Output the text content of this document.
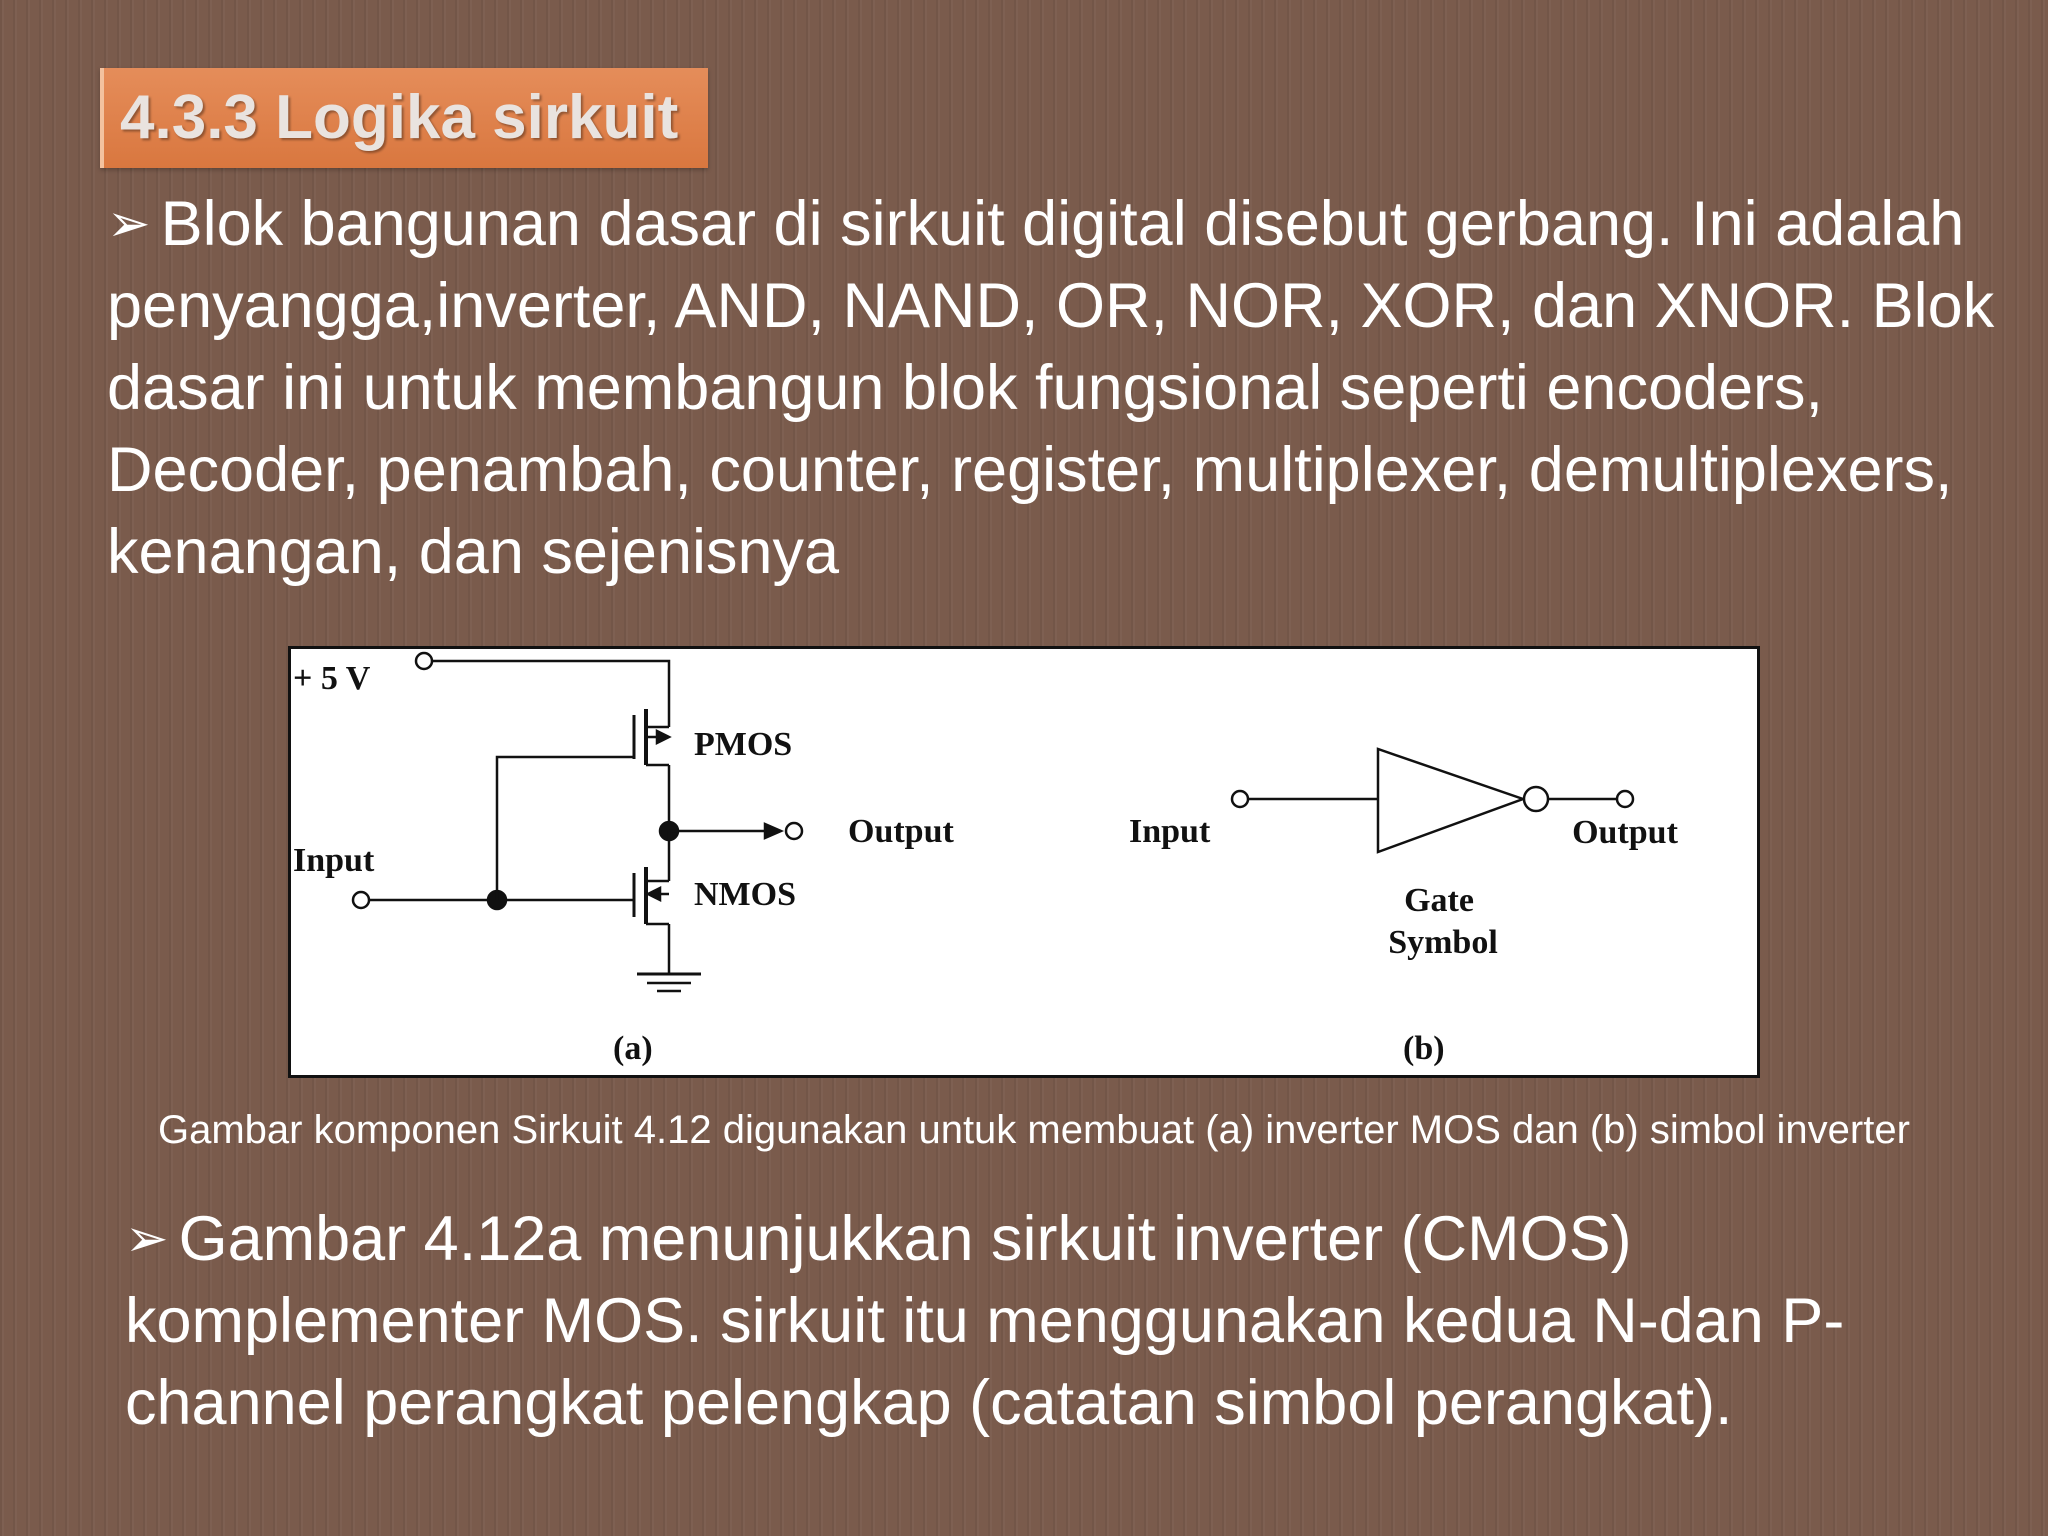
4.3.3 Logika sirkuit
➢ Blok bangunan dasar di sirkuit digital disebut gerbang. Ini adalah penyangga,inverter, AND, NAND, OR, NOR, XOR, dan XNOR. Blok dasar ini untuk membangun blok fungsional seperti encoders, Decoder, penambah, counter, register, multiplexer, demultiplexers, kenangan, dan sejenisnya
+ 5 V
PMOS
Output
Input
NMOS
(a)
Input	Output
Gate
Symbol
(b)
Gambar komponen Sirkuit 4.12 digunakan untuk membuat (a) inverter MOS dan (b) simbol inverter
➢ Gambar 4.12a menunjukkan sirkuit inverter (CMOS) komplementer MOS. sirkuit itu menggunakan kedua N-dan P-channel perangkat pelengkap (catatan simbol perangkat).
